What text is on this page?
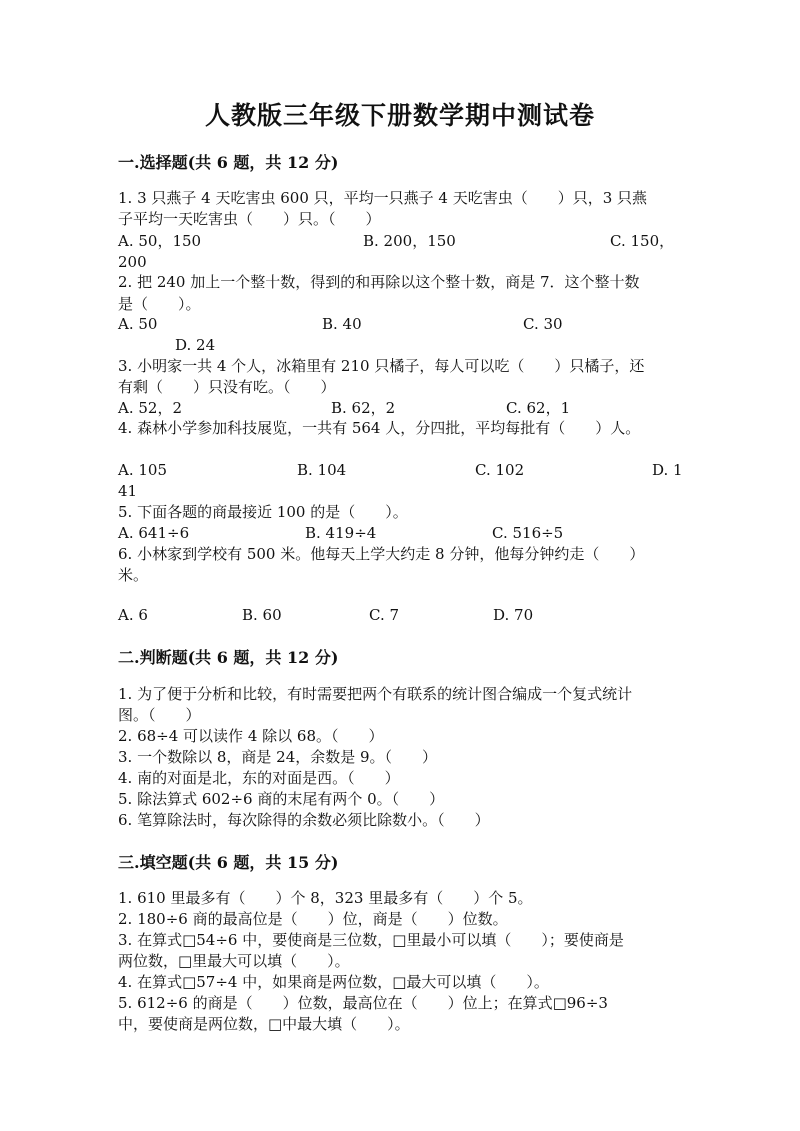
人教版三年级下册数学期中测试卷
一.选择题(共 6 题，共 12 分)
1. 3 只燕子 4 天吃害虫 600 只，平均一只燕子 4 天吃害虫（　　）只，3 只燕
子平均一天吃害虫（　　）只。（　　）
A. 50，150	B. 200，150	C. 150，
200
2. 把 240 加上一个整十数，得到的和再除以这个整十数，商是 7．这个整十数
是（　　）。
A. 50	B. 40	C. 30
D. 24
3. 小明家一共 4 个人，冰箱里有 210 只橘子，每人可以吃（　　）只橘子，还
有剩（　　）只没有吃。（　　）
A. 52，2	B. 62，2	C. 62，1
4. 森林小学参加科技展览，一共有 564 人，分四批，平均每批有（　　）人。
A. 105	B. 104	C. 102	D. 1
41
5. 下面各题的商最接近 100 的是（　　）。
A. 641÷6	B. 419÷4	C. 516÷5
6. 小林家到学校有 500 米。他每天上学大约走 8 分钟，他每分钟约走（　　）
米。
A. 6	B. 60	C. 7	D. 70
二.判断题(共 6 题，共 12 分)
1. 为了便于分析和比较，有时需要把两个有联系的统计图合编成一个复式统计
图。（　　）
2. 68÷4 可以读作 4 除以 68。（　　）
3. 一个数除以 8，商是 24，余数是 9。（　　）
4. 南的对面是北，东的对面是西。（　　）
5. 除法算式 602÷6 商的末尾有两个 0。（　　）
6. 笔算除法时，每次除得的余数必须比除数小。（　　）
三.填空题(共 6 题，共 15 分)
1. 610 里最多有（　　）个 8，323 里最多有（　　）个 5。
2. 180÷6 商的最高位是（　　）位，商是（　　）位数。
3. 在算式□54÷6 中，要使商是三位数，□里最小可以填（　　）；要使商是
两位数，□里最大可以填（　　）。
4. 在算式□57÷4 中，如果商是两位数，□最大可以填（　　）。
5. 612÷6 的商是（　　）位数，最高位在（　　）位上；在算式□96÷3
中，要使商是两位数，□中最大填（　　）。
